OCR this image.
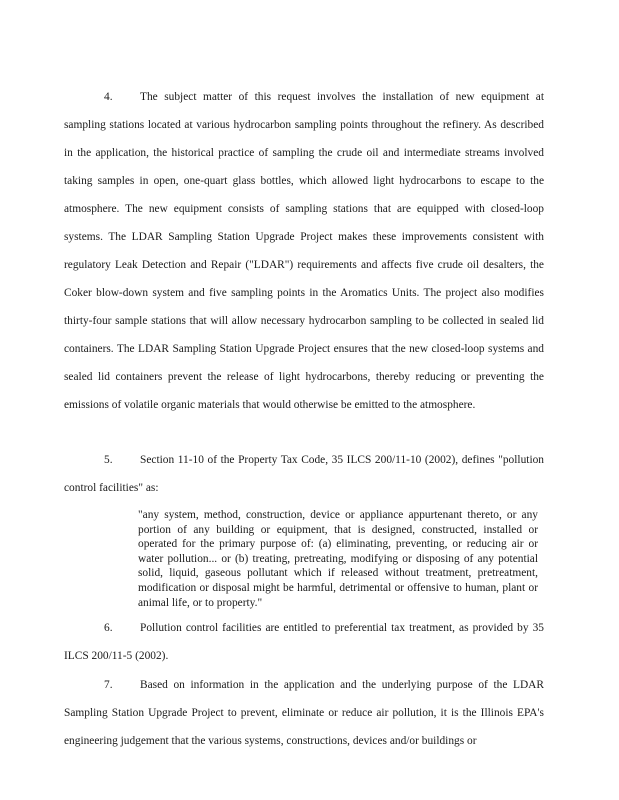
4. The subject matter of this request involves the installation of new equipment at sampling stations located at various hydrocarbon sampling points throughout the refinery. As described in the application, the historical practice of sampling the crude oil and intermediate streams involved taking samples in open, one-quart glass bottles, which allowed light hydrocarbons to escape to the atmosphere. The new equipment consists of sampling stations that are equipped with closed-loop systems. The LDAR Sampling Station Upgrade Project makes these improvements consistent with regulatory Leak Detection and Repair ("LDAR") requirements and affects five crude oil desalters, the Coker blow-down system and five sampling points in the Aromatics Units. The project also modifies thirty-four sample stations that will allow necessary hydrocarbon sampling to be collected in sealed lid containers. The LDAR Sampling Station Upgrade Project ensures that the new closed-loop systems and sealed lid containers prevent the release of light hydrocarbons, thereby reducing or preventing the emissions of volatile organic materials that would otherwise be emitted to the atmosphere.

5. Section 11-10 of the Property Tax Code, 35 ILCS 200/11-10 (2002), defines "pollution control facilities" as:

"any system, method, construction, device or appliance appurtenant thereto, or any portion of any building or equipment, that is designed, constructed, installed or operated for the primary purpose of: (a) eliminating, preventing, or reducing air or water pollution... or (b) treating, pretreating, modifying or disposing of any potential solid, liquid, gaseous pollutant which if released without treatment, pretreatment, modification or disposal might be harmful, detrimental or offensive to human, plant or animal life, or to property."

6. Pollution control facilities are entitled to preferential tax treatment, as provided by 35 ILCS 200/11-5 (2002).

7. Based on information in the application and the underlying purpose of the LDAR Sampling Station Upgrade Project to prevent, eliminate or reduce air pollution, it is the Illinois EPA's engineering judgement that the various systems, constructions, devices and/or buildings or
